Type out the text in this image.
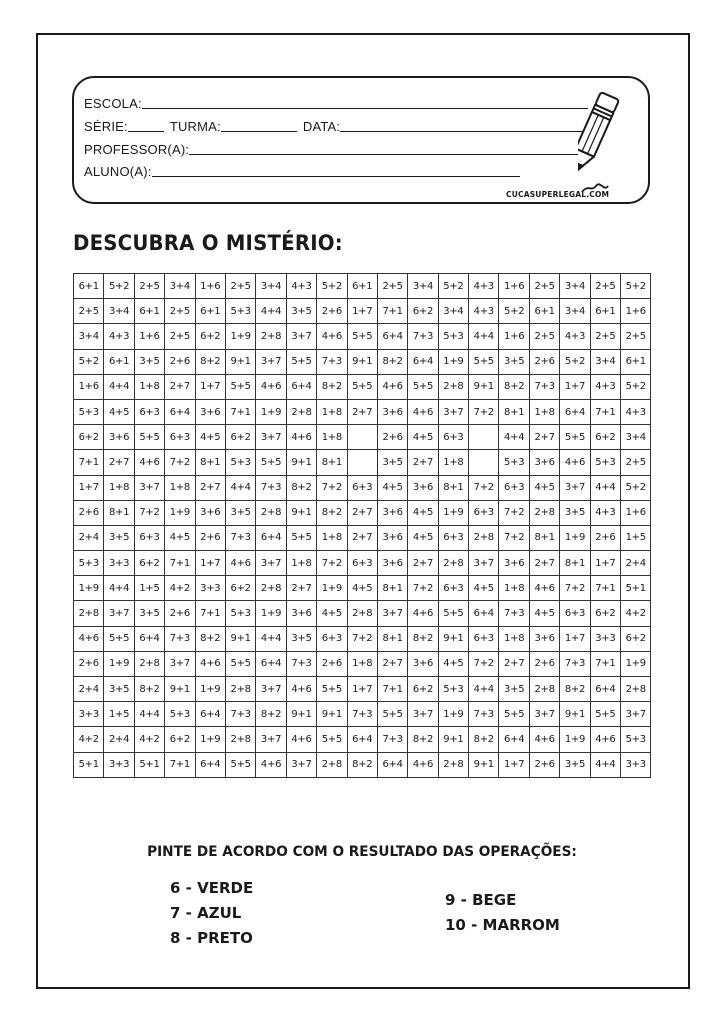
ESCOLA:
SÉRIE:	TURMA:	DATA:
PROFESSOR(A):
ALUNO(A):
CUCASUPERLEGAL.COM
DESCUBRA O MISTÉRIO:
6+1	5+2	2+5	3+4	1+6	2+5	3+4	4+3	5+2	6+1	2+5	3+4	5+2	4+3	1+6	2+5	3+4	2+5	5+2
2+5	3+4	6+1	2+5	6+1	5+3	4+4	3+5	2+6	1+7	7+1	6+2	3+4	4+3	5+2	6+1	3+4	6+1	1+6
3+4	4+3	1+6	2+5	6+2	1+9	2+8	3+7	4+6	5+5	6+4	7+3	5+3	4+4	1+6	2+5	4+3	2+5	2+5
5+2	6+1	3+5	2+6	8+2	9+1	3+7	5+5	7+3	9+1	8+2	6+4	1+9	5+5	3+5	2+6	5+2	3+4	6+1
1+6	4+4	1+8	2+7	1+7	5+5	4+6	6+4	8+2	5+5	4+6	5+5	2+8	9+1	8+2	7+3	1+7	4+3	5+2
5+3	4+5	6+3	6+4	3+6	7+1	1+9	2+8	1+8	2+7	3+6	4+6	3+7	7+2	8+1	1+8	6+4	7+1	4+3
6+2	3+6	5+5	6+3	4+5	6+2	3+7	4+6	1+8		2+6	4+5	6+3		4+4	2+7	5+5	6+2	3+4
7+1	2+7	4+6	7+2	8+1	5+3	5+5	9+1	8+1		3+5	2+7	1+8		5+3	3+6	4+6	5+3	2+5
1+7	1+8	3+7	1+8	2+7	4+4	7+3	8+2	7+2	6+3	4+5	3+6	8+1	7+2	6+3	4+5	3+7	4+4	5+2
2+6	8+1	7+2	1+9	3+6	3+5	2+8	9+1	8+2	2+7	3+6	4+5	1+9	6+3	7+2	2+8	3+5	4+3	1+6
2+4	3+5	6+3	4+5	2+6	7+3	6+4	5+5	1+8	2+7	3+6	4+5	6+3	2+8	7+2	8+1	1+9	2+6	1+5
5+3	3+3	6+2	7+1	1+7	4+6	3+7	1+8	7+2	6+3	3+6	2+7	2+8	3+7	3+6	2+7	8+1	1+7	2+4
1+9	4+4	1+5	4+2	3+3	6+2	2+8	2+7	1+9	4+5	8+1	7+2	6+3	4+5	1+8	4+6	7+2	7+1	5+1
2+8	3+7	3+5	2+6	7+1	5+3	1+9	3+6	4+5	2+8	3+7	4+6	5+5	6+4	7+3	4+5	6+3	6+2	4+2
4+6	5+5	6+4	7+3	8+2	9+1	4+4	3+5	6+3	7+2	8+1	8+2	9+1	6+3	1+8	3+6	1+7	3+3	6+2
2+6	1+9	2+8	3+7	4+6	5+5	6+4	7+3	2+6	1+8	2+7	3+6	4+5	7+2	2+7	2+6	7+3	7+1	1+9
2+4	3+5	8+2	9+1	1+9	2+8	3+7	4+6	5+5	1+7	7+1	6+2	5+3	4+4	3+5	2+8	8+2	6+4	2+8
3+3	1+5	4+4	5+3	6+4	7+3	8+2	9+1	9+1	7+3	5+5	3+7	1+9	7+3	5+5	3+7	9+1	5+5	3+7
4+2	2+4	4+2	6+2	1+9	2+8	3+7	4+6	5+5	6+4	7+3	8+2	9+1	8+2	6+4	4+6	1+9	4+6	5+3
5+1	3+3	5+1	7+1	6+4	5+5	4+6	3+7	2+8	8+2	6+4	4+6	2+8	9+1	1+7	2+6	3+5	4+4	3+3
PINTE DE ACORDO COM O RESULTADO DAS OPERAÇÕES:
6 - VERDE
7 - AZUL
8 - PRETO
9 - BEGE
10 - MARROM
